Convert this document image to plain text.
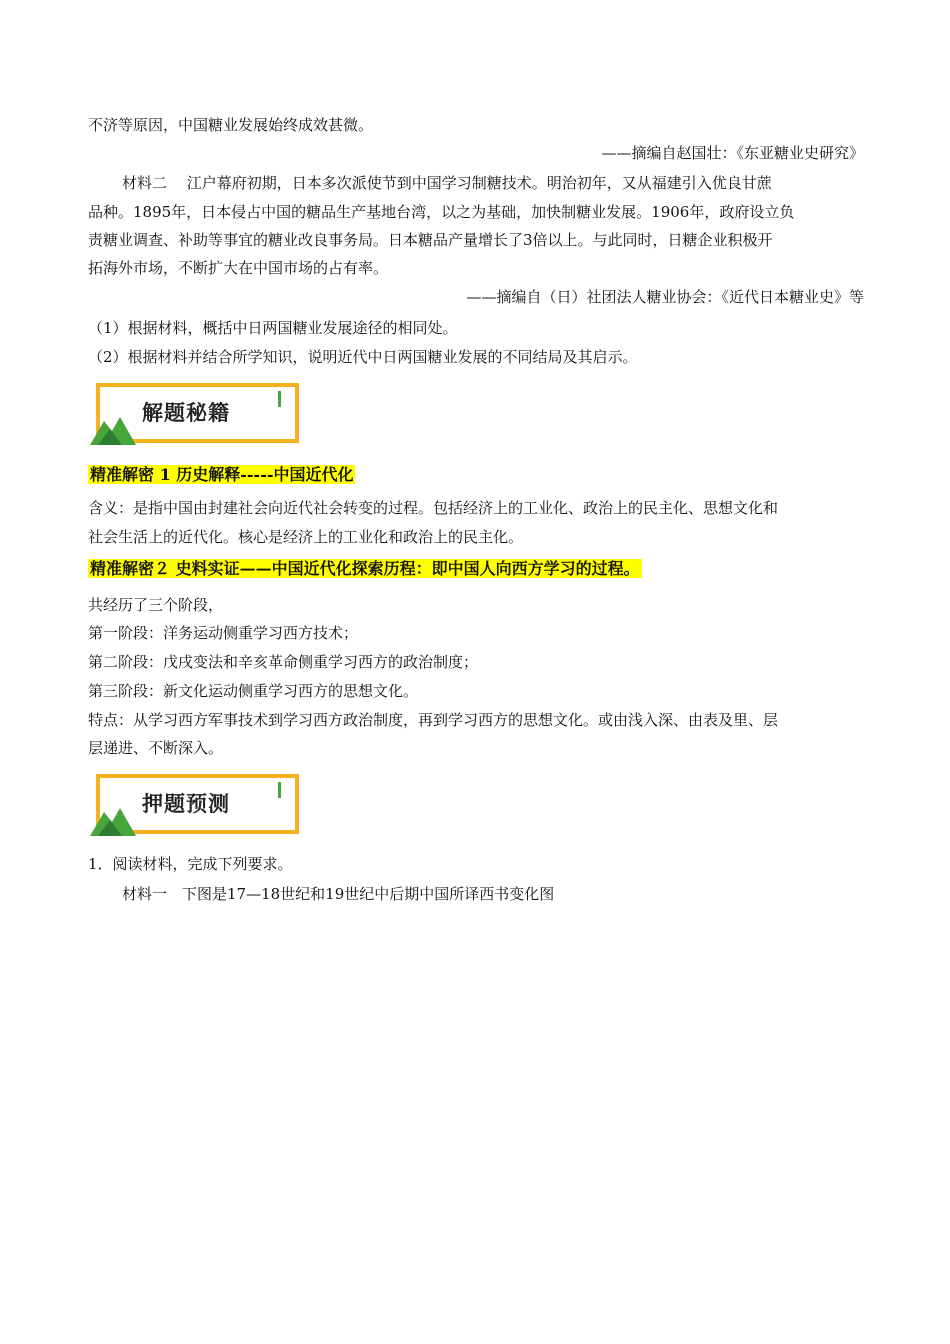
不济等原因，中国糖业发展始终成效甚微。
——摘编自赵国壮：《东亚糖业史研究》
材料二　 江户幕府初期，日本多次派使节到中国学习制糖技术。明治初年，又从福建引入优良甘蔗
品种。1895年，日本侵占中国的糖品生产基地台湾，以之为基础，加快制糖业发展。1906年，政府设立负
责糖业调查、补助等事宜的糖业改良事务局。日本糖品产量增长了3倍以上。与此同时，日糖企业积极开
拓海外市场，不断扩大在中国市场的占有率。
——摘编自（日）社团法人糖业协会：《近代日本糖业史》等
（1）根据材料，概括中日两国糖业发展途径的相同处。
（2）根据材料并结合所学知识，说明近代中日两国糖业发展的不同结局及其启示。
解题秘籍
精准解密 1 历史解释-----中国近代化
含义：是指中国由封建社会向近代社会转变的过程。包括经济上的工业化、政治上的民主化、思想文化和
社会生活上的近代化。核心是经济上的工业化和政治上的民主化。
精准解密２ 史料实证——中国近代化探索历程：即中国人向西方学习的过程。
共经历了三个阶段，
第一阶段：洋务运动侧重学习西方技术；
第二阶段：戊戌变法和辛亥革命侧重学习西方的政治制度；
第三阶段：新文化运动侧重学习西方的思想文化。
特点：从学习西方军事技术到学习西方政治制度，再到学习西方的思想文化。或由浅入深、由表及里、层
层递进、不断深入。
押题预测
1．阅读材料，完成下列要求。
材料一　下图是17—18世纪和19世纪中后期中国所译西书变化图
